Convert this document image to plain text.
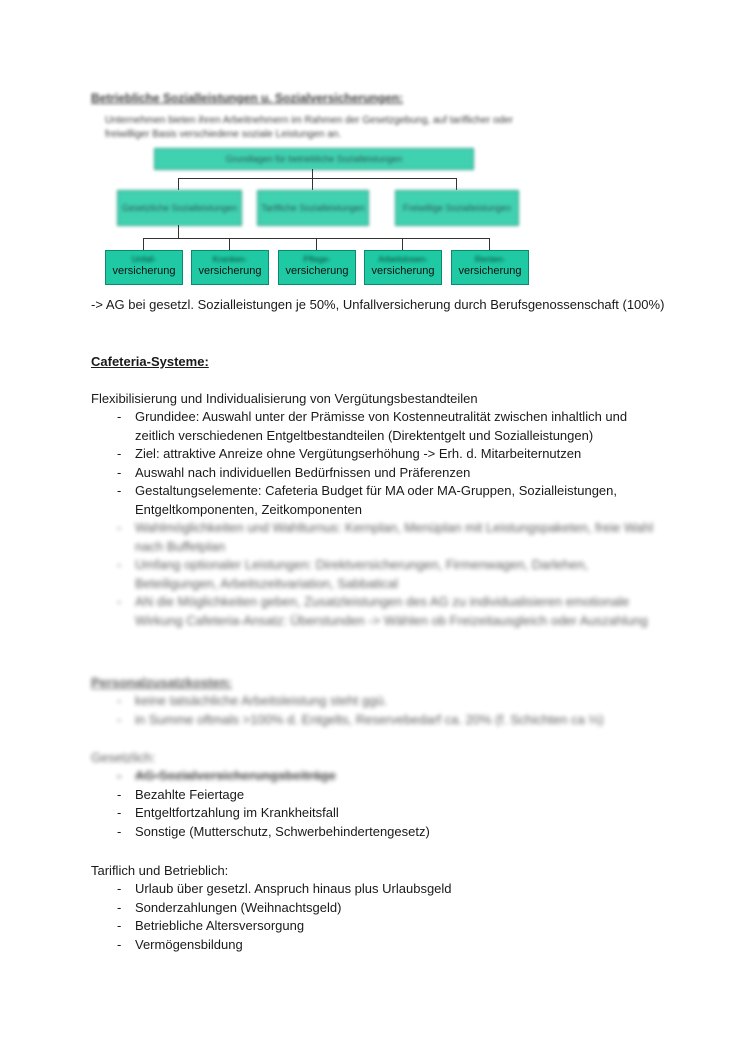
Betriebliche Sozialleistungen u. Sozialversicherungen:
Unternehmen bieten ihren Arbeitnehmern im Rahmen der Gesetzgebung, auf tariflicher oder freiwilliger Basis verschiedene soziale Leistungen an.
Grundlagen für betriebliche Sozialleistungen
Gesetzliche Sozialleistungen	Tarifliche Sozialleistungen	Freiwillige Sozialleistungen
Unfall-
versicherung
Kranken-
versicherung
Pflege-
versicherung
Arbeitslosen-
versicherung
Renten-
versicherung
-> AG bei gesetzl. Sozialleistungen je 50%, Unfallversicherung durch Berufsgenossenschaft (100%)
Cafeteria-Systeme:
Flexibilisierung und Individualisierung von Vergütungsbestandteilen
- Grundidee: Auswahl unter der Prämisse von Kostenneutralität zwischen inhaltlich und zeitlich verschiedenen Entgeltbestandteilen (Direktentgelt und Sozialleistungen)
- Ziel: attraktive Anreize ohne Vergütungserhöhung -> Erh. d. Mitarbeiternutzen
- Auswahl nach individuellen Bedürfnissen und Präferenzen
- Gestaltungselemente: Cafeteria Budget für MA oder MA-Gruppen, Sozialleistungen, Entgeltkomponenten, Zeitkomponenten
- Wahlmöglichkeiten und Wahlturnus: Kernplan, Menüplan mit Leistungspaketen, freie Wahl nach Buffetplan
- Umfang optionaler Leistungen: Direktversicherungen, Firmenwagen, Darlehen, Beteiligungen, Arbeitszeitvariation, Sabbatical
- AN die Möglichkeiten geben, Zusatzleistungen des AG zu individualisieren emotionale Wirkung Cafeteria-Ansatz: Überstunden -> Wählen ob Freizeitausgleich oder Auszahlung
Personalzusatzkosten:
- keine tatsächliche Arbeitsleistung steht ggü.
- in Summe oftmals >100% d. Entgelts, Reservebedarf ca. 20% (f. Schichten ca ⅓)
Gesetzlich:
- AG-Sozialversicherungsbeiträge
- Bezahlte Feiertage
- Entgeltfortzahlung im Krankheitsfall
- Sonstige (Mutterschutz, Schwerbehindertengesetz)
Tariflich und Betrieblich:
- Urlaub über gesetzl. Anspruch hinaus plus Urlaubsgeld
- Sonderzahlungen (Weihnachtsgeld)
- Betriebliche Altersversorgung
- Vermögensbildung
